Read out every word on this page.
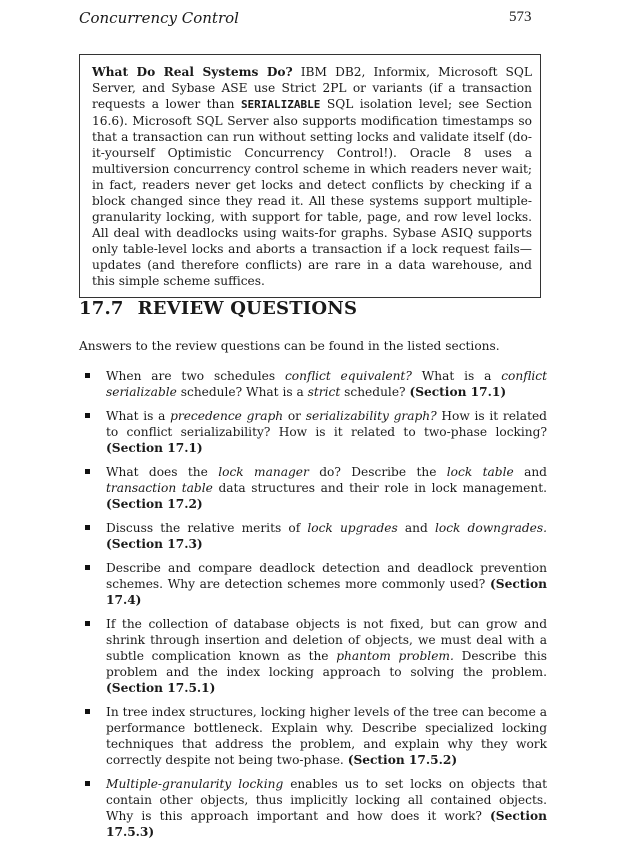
Concurrency Control	573
What Do Real Systems Do? IBM DB2, Informix, Microsoft SQL Server, and Sybase ASE use Strict 2PL or variants (if a transaction requests a lower than SERIALIZABLE SQL isolation level; see Section 16.6). Microsoft SQL Server also supports modification timestamps so that a transaction can run without setting locks and validate itself (do-it-yourself Optimistic Concurrency Control!). Oracle 8 uses a multiversion concurrency control scheme in which readers never wait; in fact, readers never get locks and detect conflicts by checking if a block changed since they read it. All these systems support multiple-granularity locking, with support for table, page, and row level locks. All deal with deadlocks using waits-for graphs. Sybase ASIQ supports only table-level locks and aborts a transaction if a lock request fails—updates (and therefore conflicts) are rare in a data warehouse, and this simple scheme suffices.
17.7 REVIEW QUESTIONS
Answers to the review questions can be found in the listed sections.
When are two schedules conflict equivalent? What is a conflict serializable schedule? What is a strict schedule? (Section 17.1)
What is a precedence graph or serializability graph? How is it related to conflict serializability? How is it related to two-phase locking? (Section 17.1)
What does the lock manager do? Describe the lock table and transaction table data structures and their role in lock management. (Section 17.2)
Discuss the relative merits of lock upgrades and lock downgrades. (Section 17.3)
Describe and compare deadlock detection and deadlock prevention schemes. Why are detection schemes more commonly used? (Section 17.4)
If the collection of database objects is not fixed, but can grow and shrink through insertion and deletion of objects, we must deal with a subtle complication known as the phantom problem. Describe this problem and the index locking approach to solving the problem. (Section 17.5.1)
In tree index structures, locking higher levels of the tree can become a performance bottleneck. Explain why. Describe specialized locking techniques that address the problem, and explain why they work correctly despite not being two-phase. (Section 17.5.2)
Multiple-granularity locking enables us to set locks on objects that contain other objects, thus implicitly locking all contained objects. Why is this approach important and how does it work? (Section 17.5.3)
